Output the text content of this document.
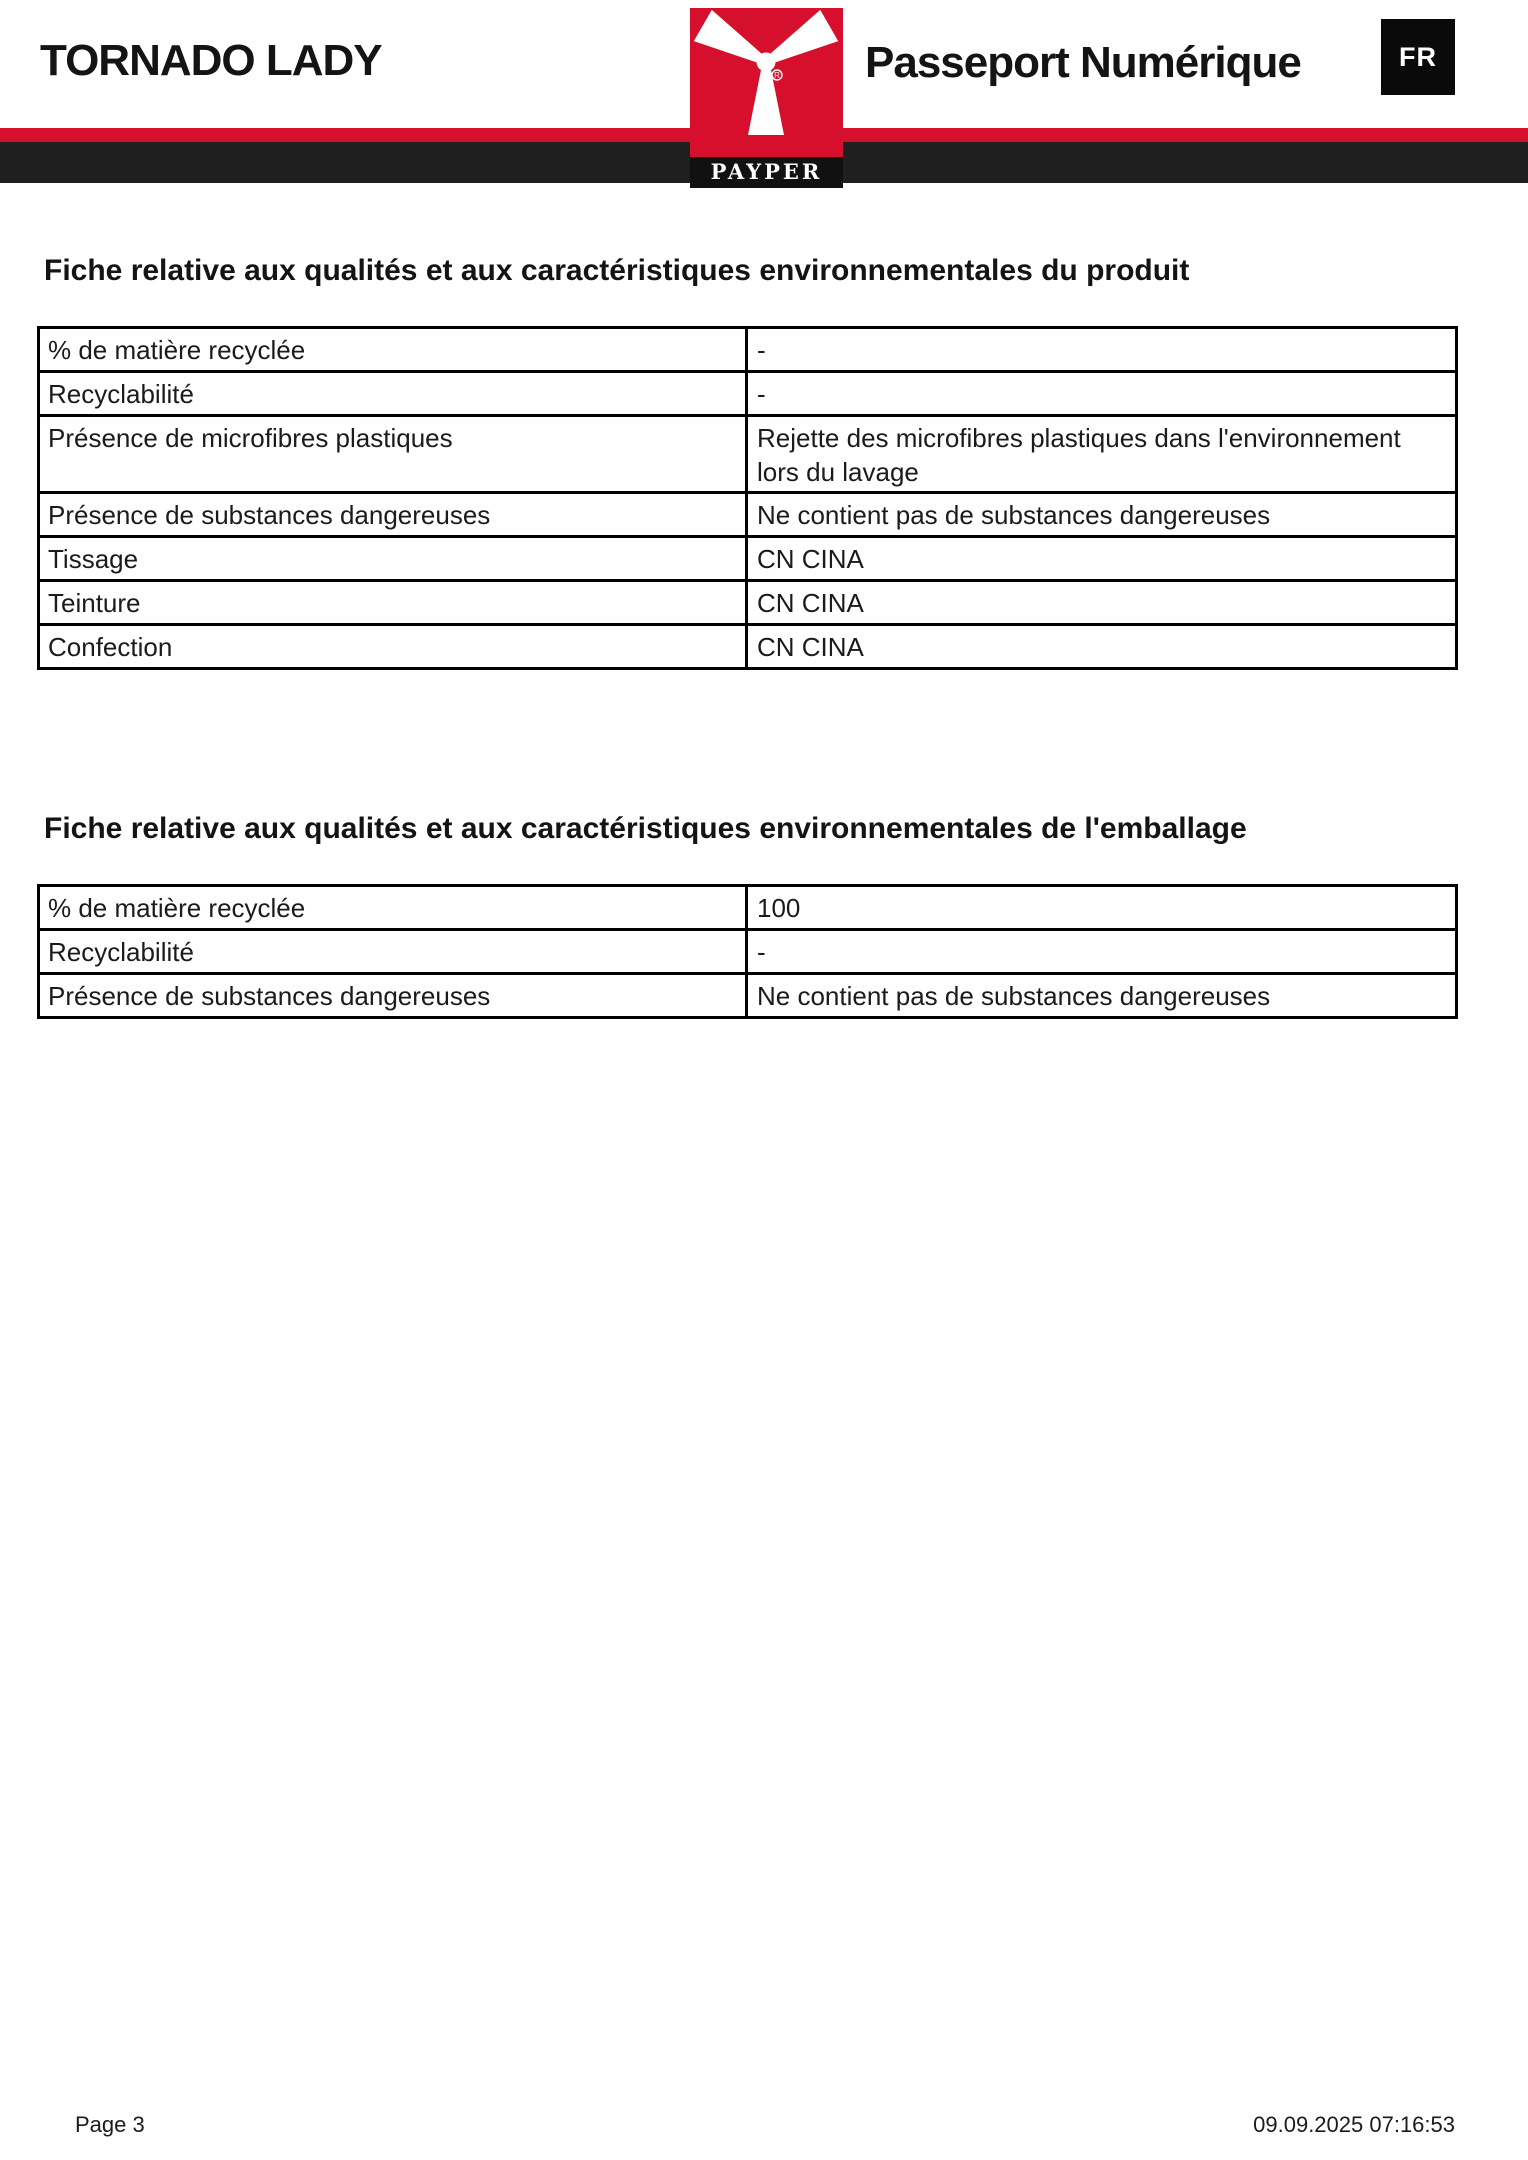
TORNADO LADY	Passeport Numérique
R
PAYPER
FR
Fiche relative aux qualités et aux caractéristiques environnementales du produit
% de matière recyclée	-
Recyclabilité	-
Présence de microfibres plastiques	Rejette des microfibres plastiques dans l'environnement lors du lavage
Présence de substances dangereuses	Ne contient pas de substances dangereuses
Tissage	CN CINA
Teinture	CN CINA
Confection	CN CINA
Fiche relative aux qualités et aux caractéristiques environnementales de l'emballage
% de matière recyclée	100
Recyclabilité	-
Présence de substances dangereuses	Ne contient pas de substances dangereuses
Page 3	09.09.2025 07:16:53
